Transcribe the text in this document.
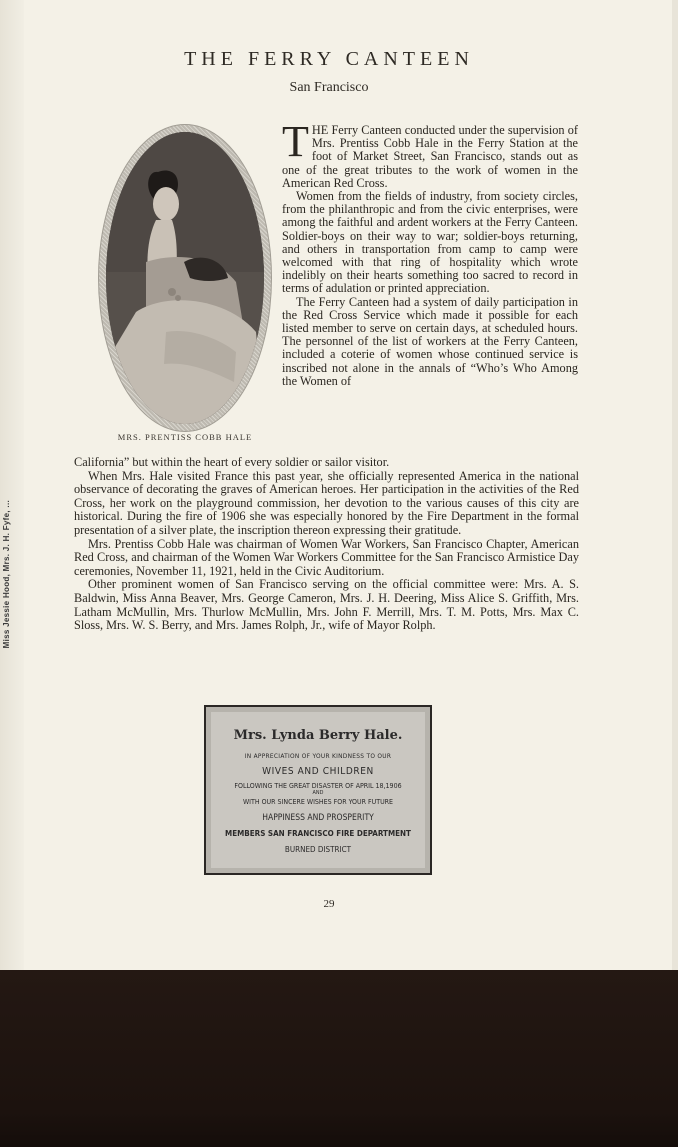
Miss Jessie Hood, Mrs. J. H. Fyfe, ...
THE FERRY CANTEEN
San Francisco
MRS. PRENTISS COBB HALE

THE Ferry Canteen conducted under the supervision of Mrs. Prentiss Cobb Hale in the Ferry Station at the foot of Market Street, San Francisco, stands out as one of the great tributes to the work of women in the American Red Cross.

Women from the fields of industry, from society circles, from the philanthropic and from the civic enterprises, were among the faithful and ardent workers at the Ferry Canteen. Soldier-boys on their way to war; soldier-boys returning, and others in transportation from camp to camp were welcomed with that ring of hospitality which wrote indelibly on their hearts something too sacred to record in terms of adulation or printed appreciation.

The Ferry Canteen had a system of daily participation in the Red Cross Service which made it possible for each listed member to serve on certain days, at scheduled hours. The personnel of the list of workers at the Ferry Canteen, included a coterie of women whose continued service is inscribed not alone in the annals of “Who’s Who Among the Women of

California” but within the heart of every soldier or sailor visitor.

When Mrs. Hale visited France this past year, she officially represented America in the national observance of decorating the graves of American heroes. Her participation in the activities of the Red Cross, her work on the playground commission, her devotion to the various causes of this city are historical. During the fire of 1906 she was especially honored by the Fire Department in the formal presentation of a silver plate, the inscription thereon expressing their gratitude.

Mrs. Prentiss Cobb Hale was chairman of Women War Workers, San Francisco Chapter, American Red Cross, and chairman of the Women War Workers Committee for the San Francisco Armistice Day ceremonies, November 11, 1921, held in the Civic Auditorium.

Other prominent women of San Francisco serving on the official committee were: Mrs. A. S. Baldwin, Miss Anna Beaver, Mrs. George Cameron, Mrs. J. H. Deering, Miss Alice S. Griffith, Mrs. Latham McMullin, Mrs. Thurlow McMullin, Mrs. John F. Merrill, Mrs. T. M. Potts, Mrs. Max C. Sloss, Mrs. W. S. Berry, and Mrs. James Rolph, Jr., wife of Mayor Rolph.

Mrs. Lynda Berry Hale.
IN APPRECIATION OF YOUR KINDNESS TO OUR
WIVES AND CHILDREN
FOLLOWING THE GREAT DISASTER OF APRIL 18,1906
AND
WITH OUR SINCERE WISHES FOR YOUR FUTURE
HAPPINESS AND PROSPERITY
MEMBERS SAN FRANCISCO FIRE DEPARTMENT
BURNED DISTRICT
29
